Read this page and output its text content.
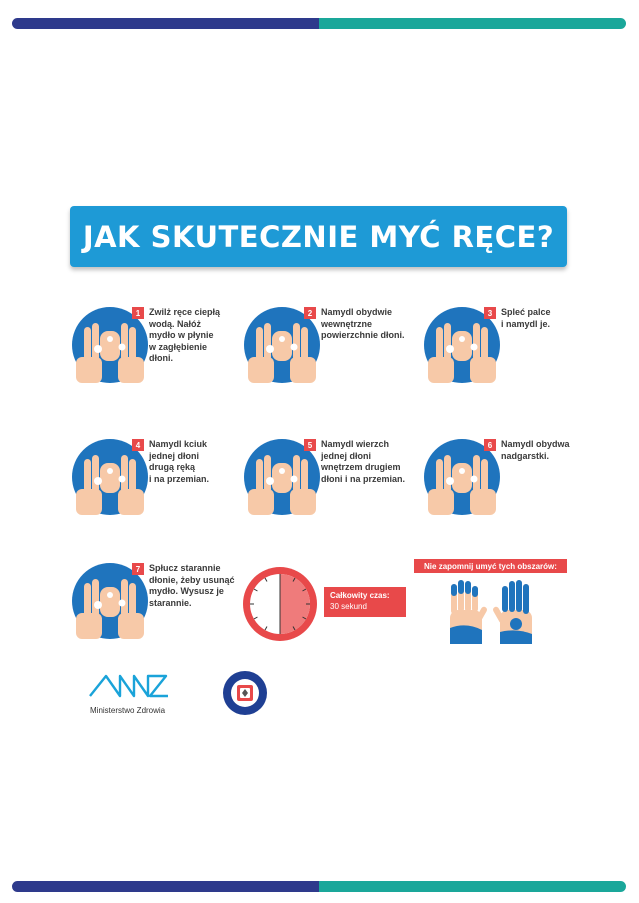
JAK SKUTECZNIE MYĆ RĘCE?
1 Zwilż ręce ciepłą
wodą. Nałóż
mydło w płynie
w zagłębienie
dłoni.
2 Namydl obydwie
wewnętrzne
powierzchnie dłoni.
3 Spleć palce
i namydl je.
4 Namydl kciuk
jednej dłoni
drugą ręką
i na przemian.
5 Namydl wierzch
jednej dłoni
wnętrzem drugiem
dłoni i na przemian.
6 Namydl obydwa
nadgarstki.
7 Spłucz starannie
dłonie, żeby usunąć
mydło. Wysusz je
starannie.
Całkowity czas:
30 sekund
Nie zapomnij umyć tych obszarów:
Ministerstwo Zdrowia
